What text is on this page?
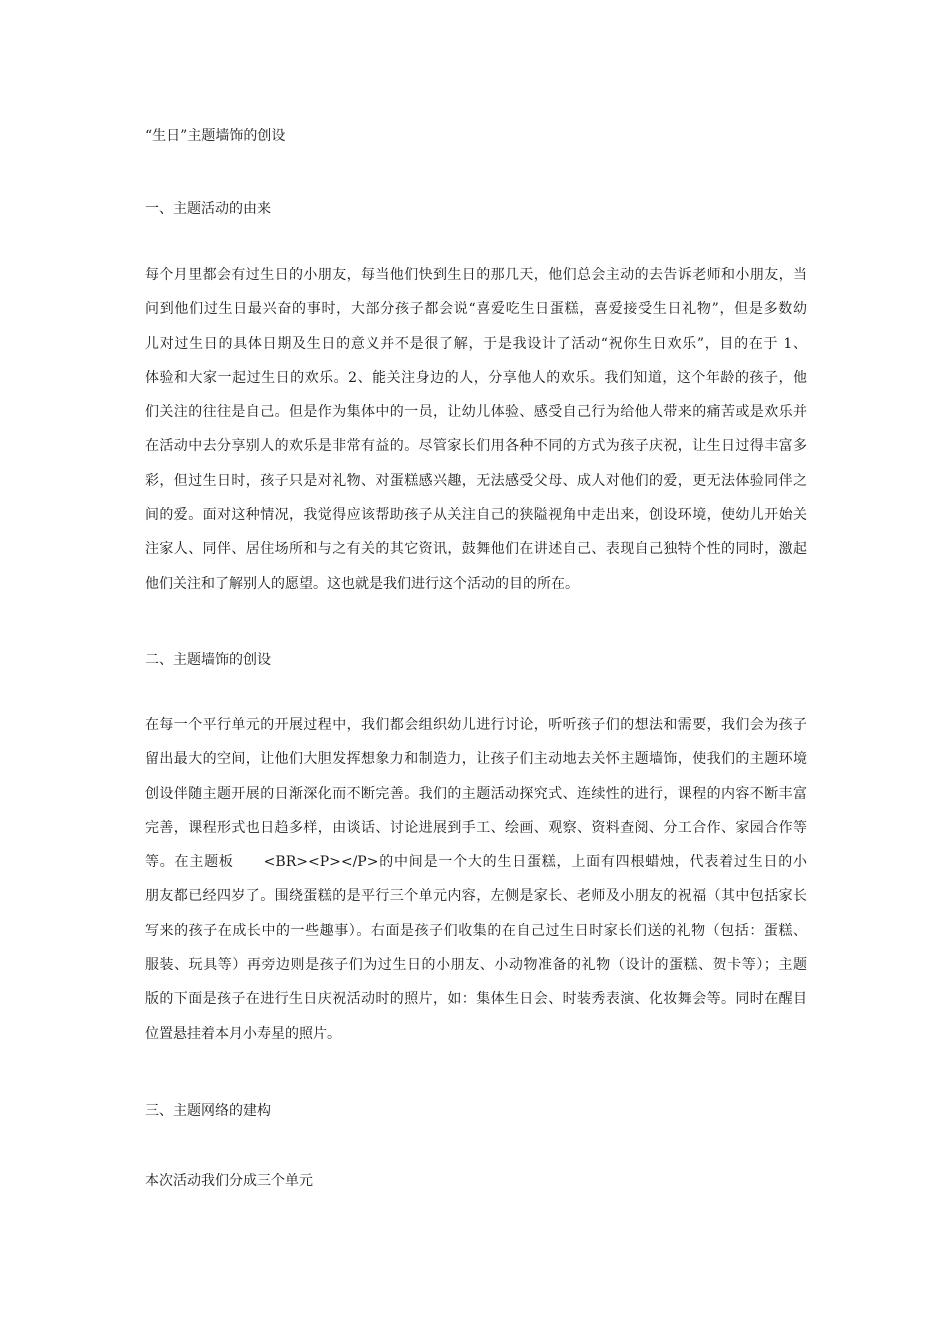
“生日”主题墙饰的创设
一、主题活动的由来
每个月里都会有过生日的小朋友，每当他们快到生日的那几天，他们总会主动的去告诉老师和小朋友，当
问到他们过生日最兴奋的事时，大部分孩子都会说“喜爱吃生日蛋糕，喜爱接受生日礼物”，但是多数幼
儿对过生日的具体日期及生日的意义并不是很了解，于是我设计了活动“祝你生日欢乐”，目的在于 1、
体验和大家一起过生日的欢乐。2、能关注身边的人，分享他人的欢乐。我们知道，这个年龄的孩子，他
们关注的往往是自己。但是作为集体中的一员，让幼儿体验、感受自己行为给他人带来的痛苦或是欢乐并
在活动中去分享别人的欢乐是非常有益的。尽管家长们用各种不同的方式为孩子庆祝，让生日过得丰富多
彩，但过生日时，孩子只是对礼物、对蛋糕感兴趣，无法感受父母、成人对他们的爱，更无法体验同伴之
间的爱。面对这种情况，我觉得应该帮助孩子从关注自己的狭隘视角中走出来，创设环境，使幼儿开始关
注家人、同伴、居住场所和与之有关的其它资讯，鼓舞他们在讲述自己、表现自己独特个性的同时，激起
他们关注和了解别人的愿望。这也就是我们进行这个活动的目的所在。
二、主题墙饰的创设
在每一个平行单元的开展过程中，我们都会组织幼儿进行讨论，听听孩子们的想法和需要，我们会为孩子
留出最大的空间，让他们大胆发挥想象力和制造力，让孩子们主动地去关怀主题墙饰，使我们的主题环境
创设伴随主题开展的日渐深化而不断完善。我们的主题活动探究式、连续性的进行，课程的内容不断丰富
完善，课程形式也日趋多样，由谈话、讨论进展到手工、绘画、观察、资料查阅、分工合作、家园合作等
等。在主题板 <BR><P></P>的中间是一个大的生日蛋糕，上面有四根蜡烛，代表着过生日的小
朋友都已经四岁了。围绕蛋糕的是平行三个单元内容，左侧是家长、老师及小朋友的祝福（其中包括家长
写来的孩子在成长中的一些趣事）。右面是孩子们收集的在自己过生日时家长们送的礼物（包括：蛋糕、
服装、玩具等）再旁边则是孩子们为过生日的小朋友、小动物准备的礼物（设计的蛋糕、贺卡等）；主题
版的下面是孩子在进行生日庆祝活动时的照片，如：集体生日会、时装秀表演、化妆舞会等。同时在醒目
位置悬挂着本月小寿星的照片。
三、主题网络的建构
本次活动我们分成三个单元
